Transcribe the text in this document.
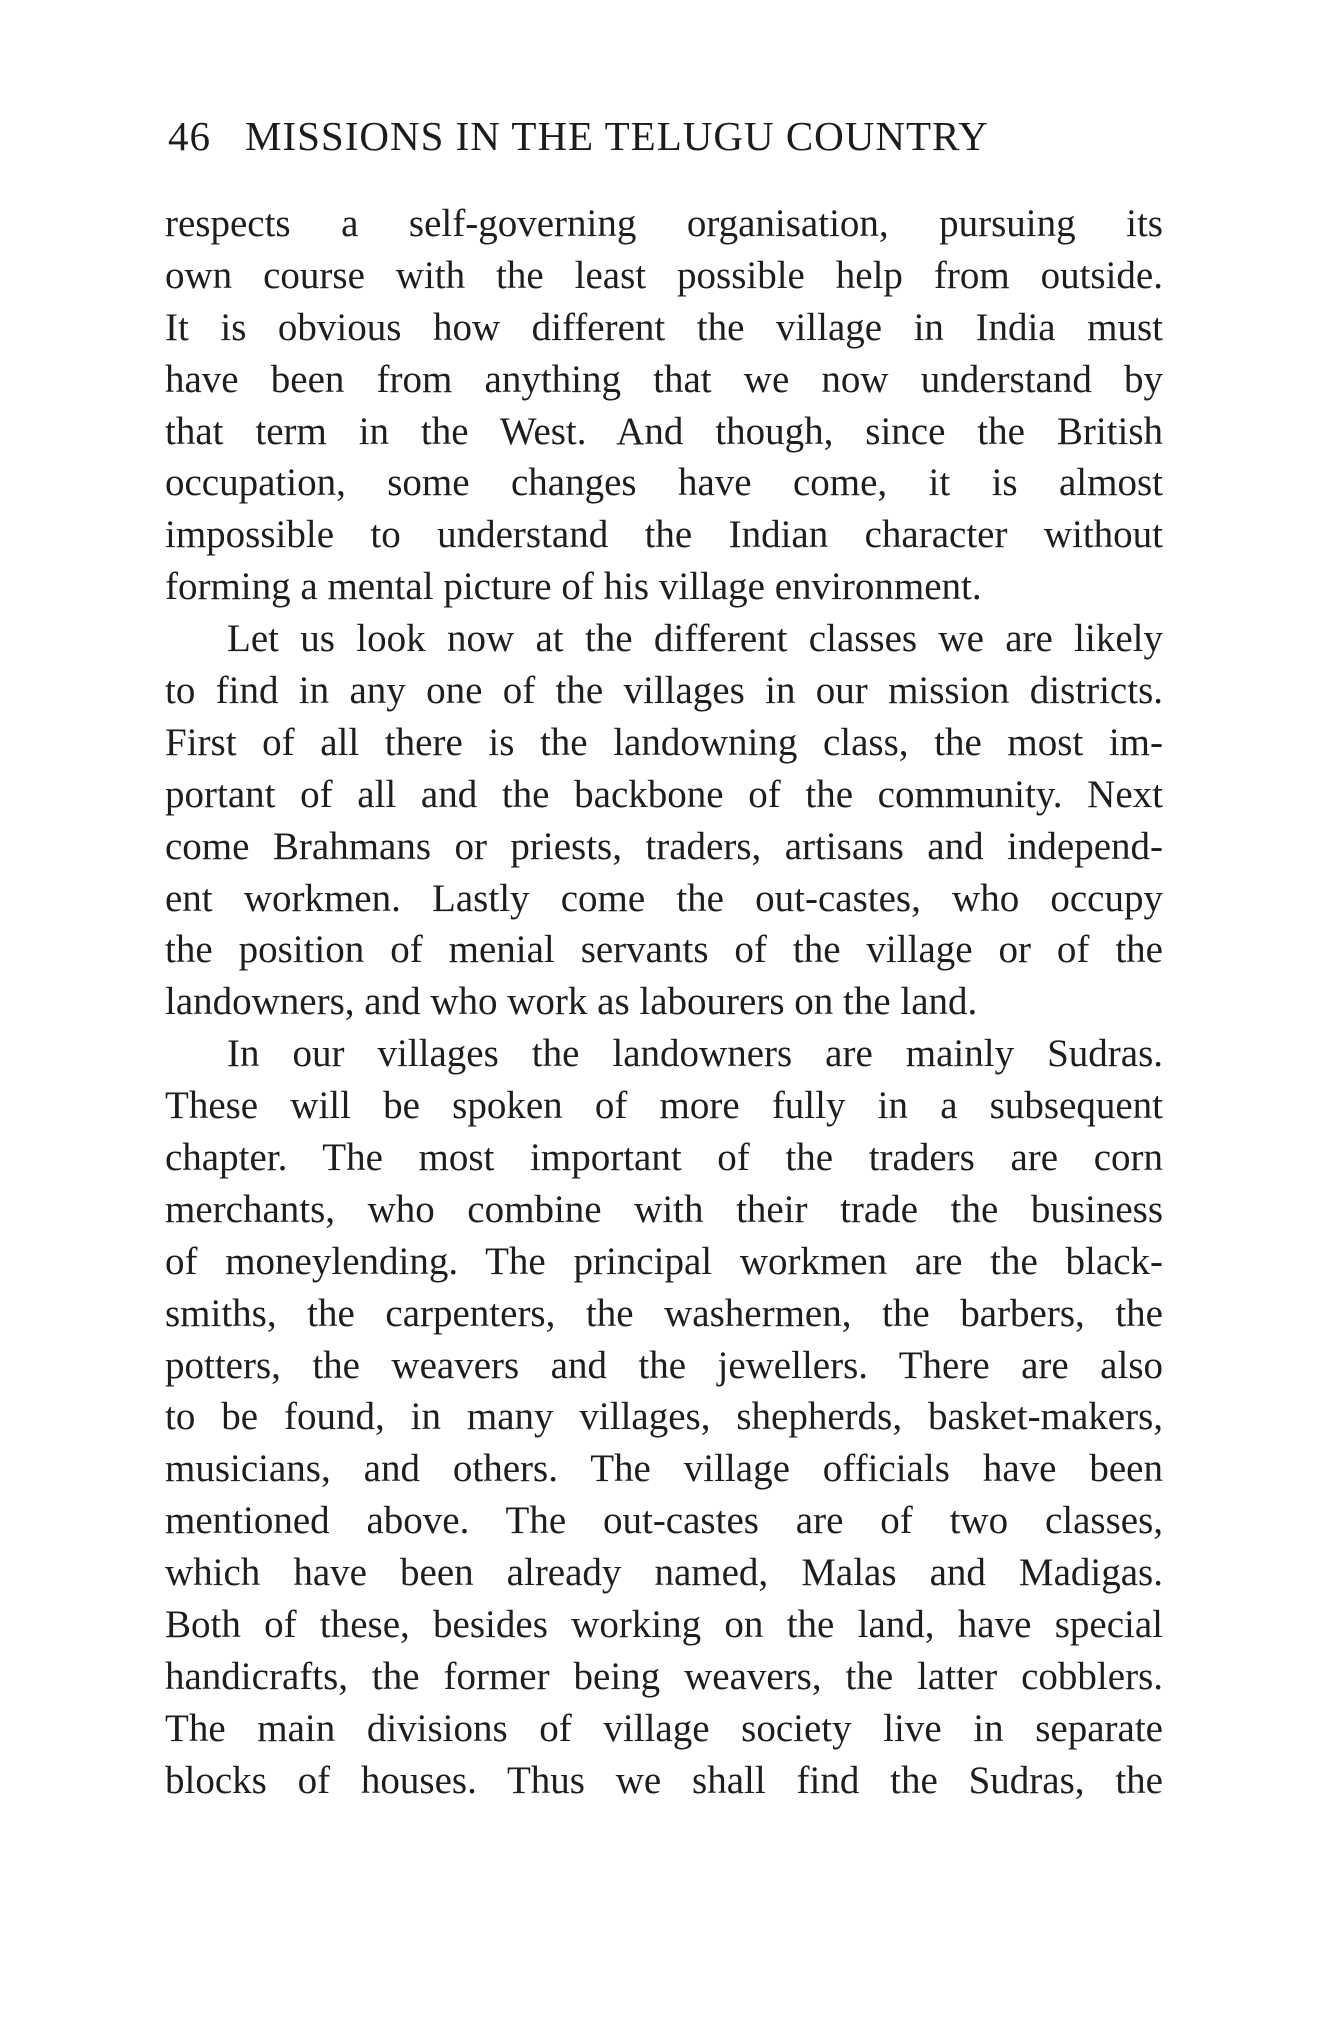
46 MISSIONS IN THE TELUGU COUNTRY
respects a self-governing organisation, pursuing its
own course with the least possible help from outside.
It is obvious how different the village in India must
have been from anything that we now understand by
that term in the West. And though, since the British
occupation, some changes have come, it is almost
impossible to understand the Indian character without
forming a mental picture of his village environment.
Let us look now at the different classes we are likely
to find in any one of the villages in our mission districts.
First of all there is the landowning class, the most im-
portant of all and the backbone of the community. Next
come Brahmans or priests, traders, artisans and independ-
ent workmen. Lastly come the out-castes, who occupy
the position of menial servants of the village or of the
landowners, and who work as labourers on the land.
In our villages the landowners are mainly Sudras.
These will be spoken of more fully in a subsequent
chapter. The most important of the traders are corn
merchants, who combine with their trade the business
of moneylending. The principal workmen are the black-
smiths, the carpenters, the washermen, the barbers, the
potters, the weavers and the jewellers. There are also
to be found, in many villages, shepherds, basket-makers,
musicians, and others. The village officials have been
mentioned above. The out-castes are of two classes,
which have been already named, Malas and Madigas.
Both of these, besides working on the land, have special
handicrafts, the former being weavers, the latter cobblers.
The main divisions of village society live in separate
blocks of houses. Thus we shall find the Sudras, the
